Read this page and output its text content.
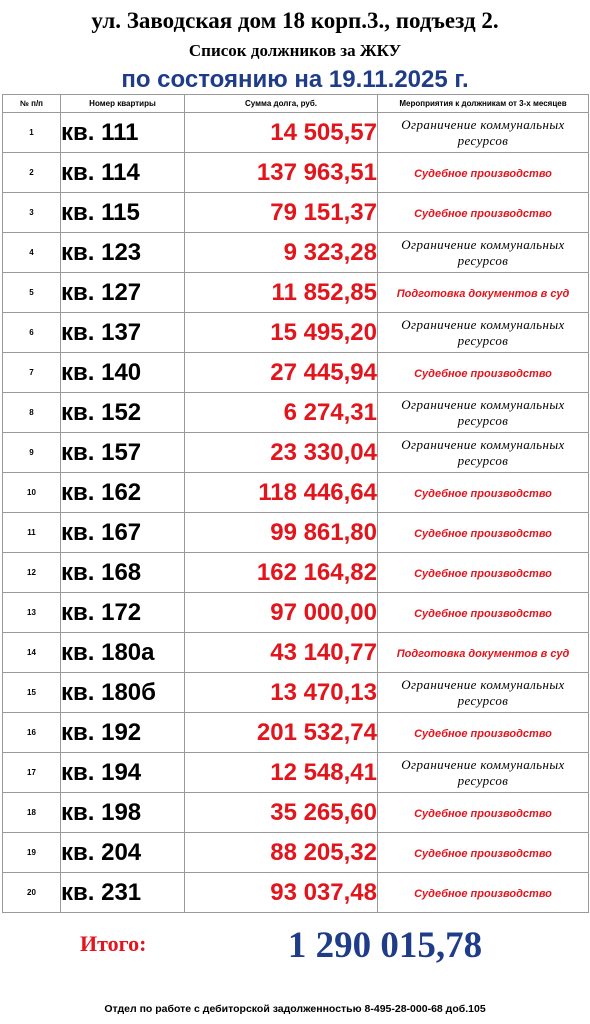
ул. Заводская дом 18 корп.3., подъезд 2.
Список должников за ЖКУ
по состоянию на 19.11.2025 г.
№ п/п	Номер квартиры	Сумма долга, руб.	Мероприятия к должникам от 3-х месяцев
1	кв. 111	14 505,57	Ограничение коммунальных ресурсов

2	кв. 114	137 963,51	Судебное производство
3	кв. 115	79 151,37	Судебное производство
4	кв. 123	9 323,28	Ограничение коммунальных ресурсов

5	кв. 127	11 852,85	Подготовка документов в суд
6	кв. 137	15 495,20	Ограничение коммунальных ресурсов

7	кв. 140	27 445,94	Судебное производство
8	кв. 152	6 274,31	Ограничение коммунальных ресурсов

9	кв. 157	23 330,04	Ограничение коммунальных ресурсов

10	кв. 162	118 446,64	Судебное производство
11	кв. 167	99 861,80	Судебное производство
12	кв. 168	162 164,82	Судебное производство
13	кв. 172	97 000,00	Судебное производство
14	кв. 180а	43 140,77	Подготовка документов в суд
15	кв. 180б	13 470,13	Ограничение коммунальных ресурсов

16	кв. 192	201 532,74	Судебное производство
17	кв. 194	12 548,41	Ограничение коммунальных ресурсов

18	кв. 198	35 265,60	Судебное производство
19	кв. 204	88 205,32	Судебное производство
20	кв. 231	93 037,48	Судебное производство
Итого:	1 290 015,78
Отдел по работе с дебиторской задолженностью 8-495-28-000-68 доб.105
